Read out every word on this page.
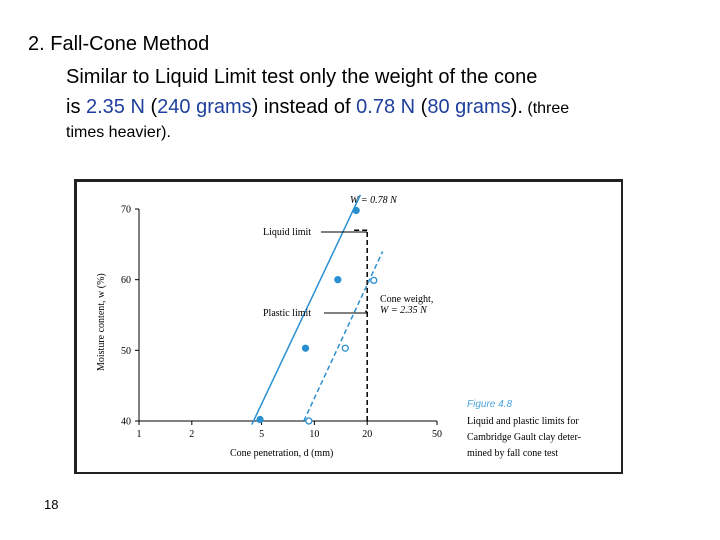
2. Fall-Cone Method

Similar to Liquid Limit test only the weight of the cone

is 2.35 N (240 grams) instead of 0.78 N (80 grams). (three

times heavier).

1	2	5	10	20	50
40
50
60
70
Cone penetration, d (mm)
Moisture content, w (%)
W = 0.78 N
Liquid limit
Plastic limit
Cone weight,
W = 2.35 N
Figure 4.8
Liquid and plastic limits for
Cambridge Gault clay deter-
mined by fall cone test
18
